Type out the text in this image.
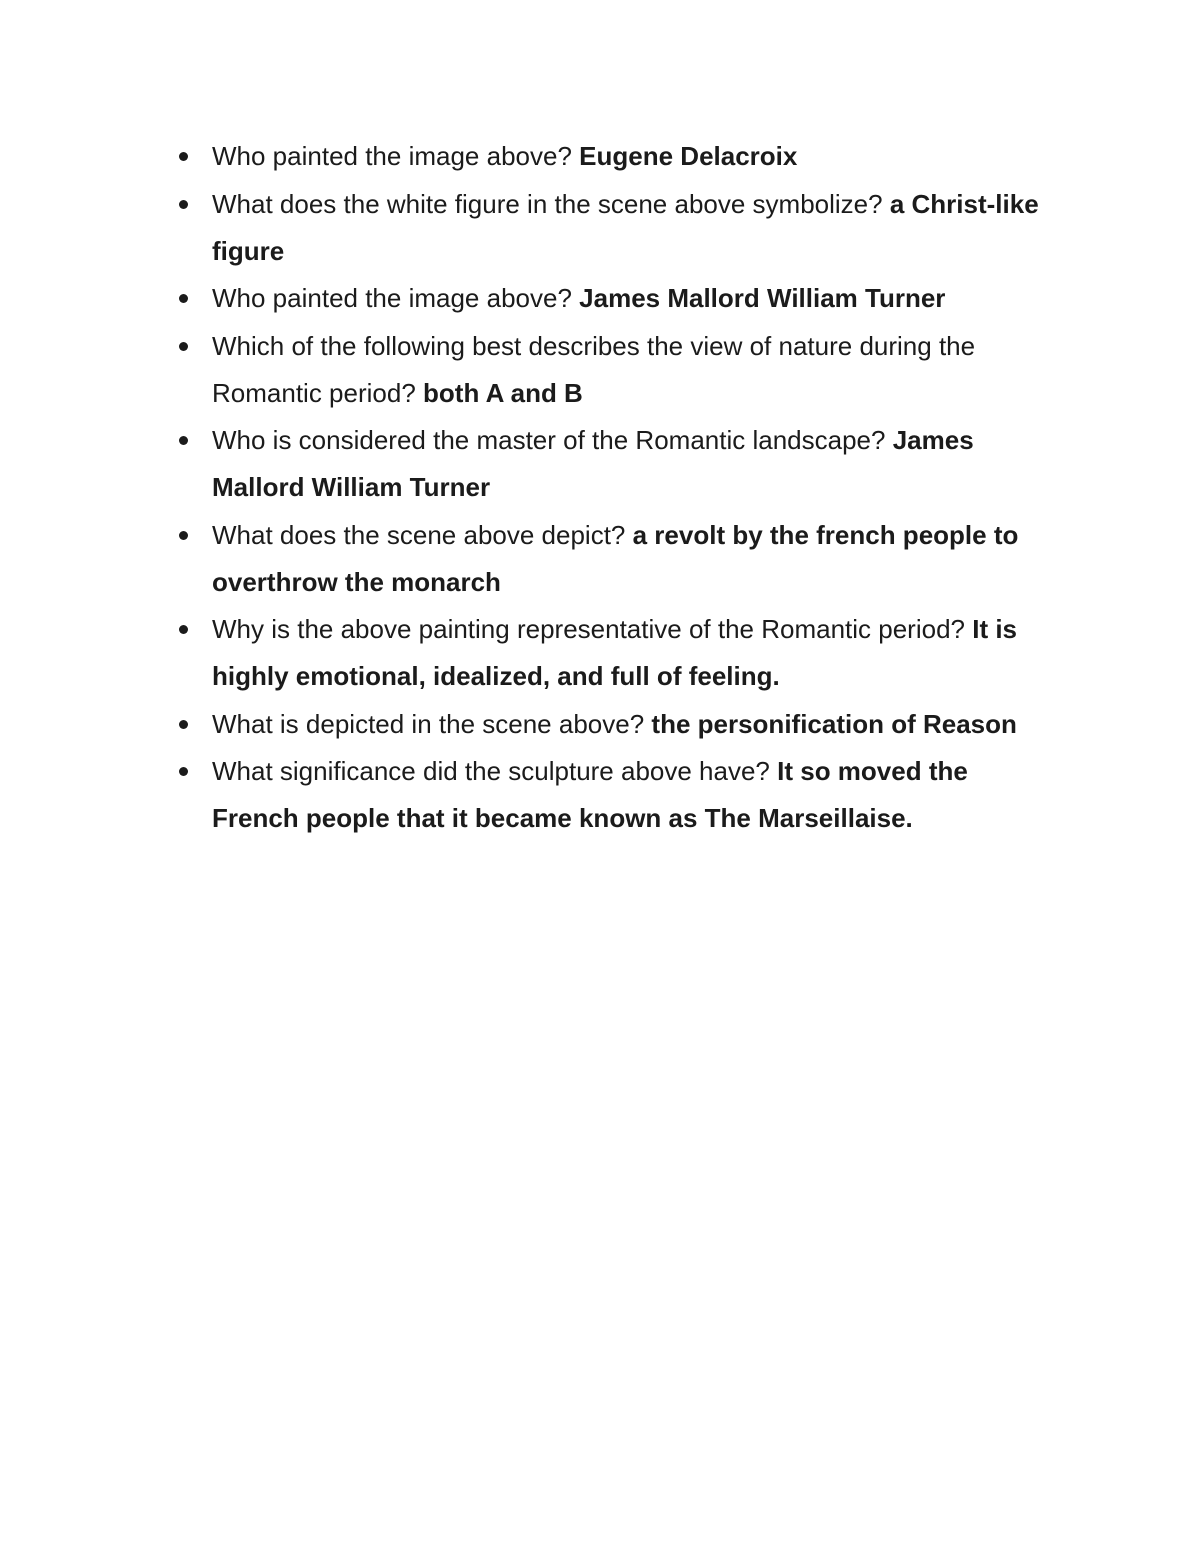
Who painted the image above? Eugene Delacroix
What does the white figure in the scene above symbolize? a Christ-like figure
Who painted the image above? James Mallord William Turner
Which of the following best describes the view of nature during the Romantic period? both A and B
Who is considered the master of the Romantic landscape? James Mallord William Turner
What does the scene above depict? a revolt by the french people to overthrow the monarch
Why is the above painting representative of the Romantic period? It is highly emotional, idealized, and full of feeling.
What is depicted in the scene above? the personification of Reason
What significance did the sculpture above have? It so moved the French people that it became known as The Marseillaise.
